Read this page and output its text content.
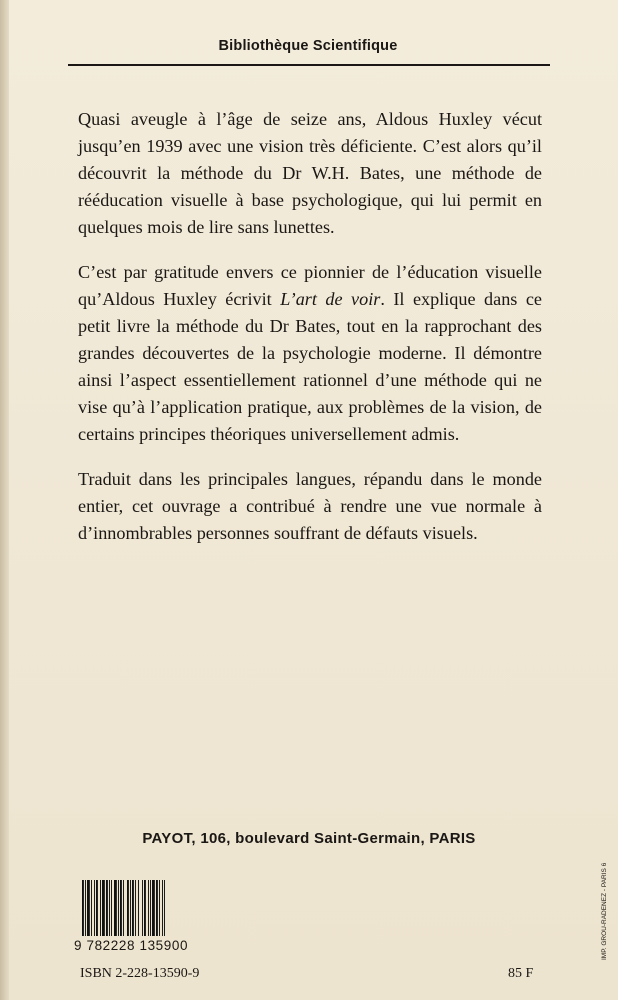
Bibliothèque Scientifique

Quasi aveugle à l’âge de seize ans, Aldous Huxley vécut jusqu’en 1939 avec une vision très déficiente. C’est alors qu’il découvrit la méthode du Dr W.H. Bates, une méthode de rééducation visuelle à base psychologique, qui lui permit en quelques mois de lire sans lunettes.

C’est par gratitude envers ce pionnier de l’éducation visuelle qu’Aldous Huxley écrivit L’art de voir. Il explique dans ce petit livre la méthode du Dr Bates, tout en la rapprochant des grandes découvertes de la psychologie moderne. Il démontre ainsi l’aspect essentiellement rationnel d’une méthode qui ne vise qu’à l’application pratique, aux problèmes de la vision, de certains principes théoriques universellement admis.

Traduit dans les principales langues, répandu dans le monde entier, cet ouvrage a contribué à rendre une vue normale à d’innombrables personnes souffrant de défauts visuels.

PAYOT, 106, boulevard Saint-Germain, PARIS
9 782228 135900
ISBN 2-228-13590-9	85 F
IMP. GROU-RADENEZ - PARIS 6
